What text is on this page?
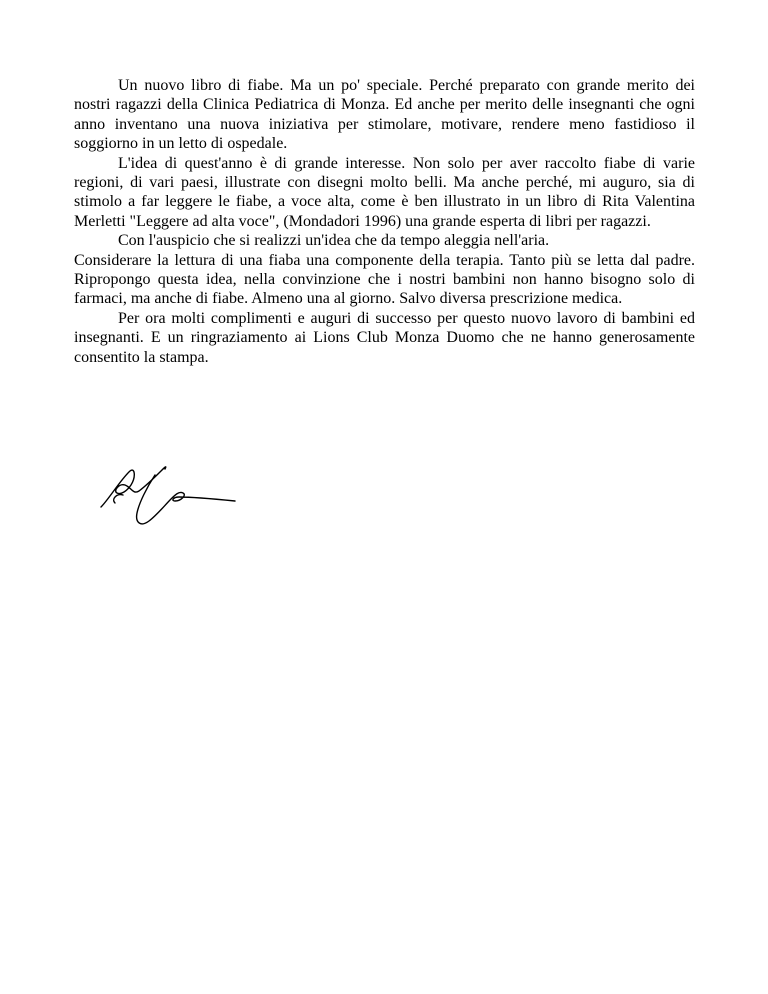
Un nuovo libro di fiabe. Ma un po' speciale. Perché preparato con grande merito dei nostri ragazzi della Clinica Pediatrica di Monza. Ed anche per merito delle insegnanti che ogni anno inventano una nuova iniziativa per stimolare, motivare, rendere meno fastidioso il soggiorno in un letto di ospedale.

L'idea di quest'anno è di grande interesse. Non solo per aver raccolto fiabe di varie regioni, di vari paesi, illustrate con disegni molto belli. Ma anche perché, mi auguro, sia di stimolo a far leggere le fiabe, a voce alta, come è ben illustrato in un libro di Rita Valentina Merletti "Leggere ad alta voce", (Mondadori 1996) una grande esperta di libri per ragazzi.

Con l'auspicio che si realizzi un'idea che da tempo aleggia nell'aria.

Considerare la lettura di una fiaba una componente della terapia. Tanto più se letta dal padre. Ripropongo questa idea, nella convinzione che i nostri bambini non hanno bisogno solo di farmaci, ma anche di fiabe. Almeno una al giorno. Salvo diversa prescrizione medica.

Per ora molti complimenti e auguri di successo per questo nuovo lavoro di bambini ed insegnanti. E un ringraziamento ai Lions Club Monza Duomo che ne hanno generosamente consentito la stampa.
